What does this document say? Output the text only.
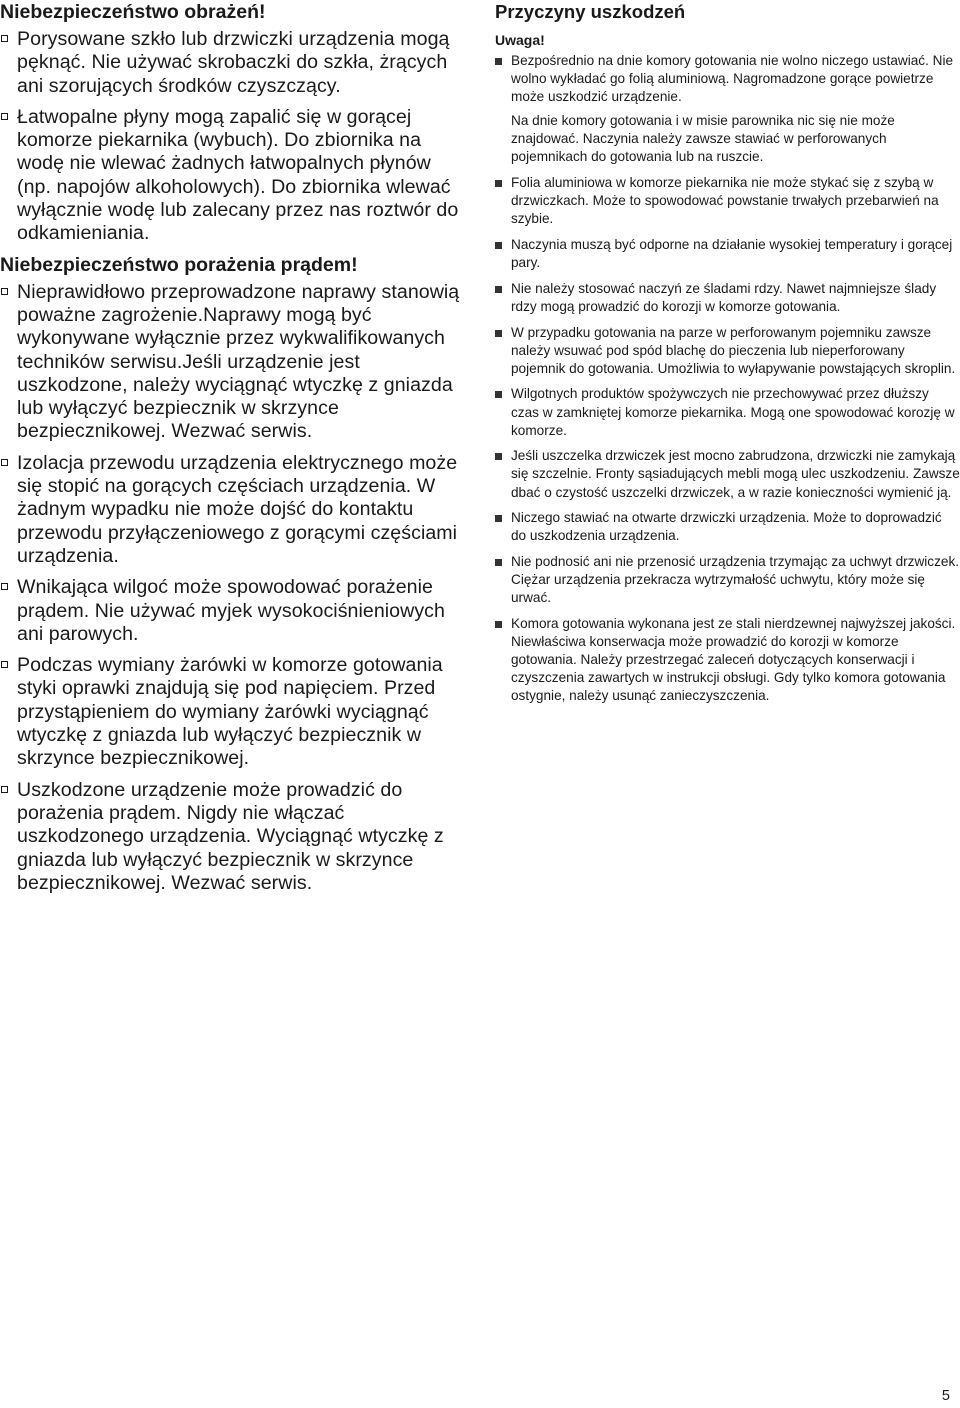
Niebezpieczeństwo obrażeń!
Porysowane szkło lub drzwiczki urządzenia mogą pęknąć. Nie używać skrobaczki do szkła, żrących ani szorujących środków czyszczący.
Łatwopalne płyny mogą zapalić się w gorącej komorze piekarnika (wybuch). Do zbiornika na wodę nie wlewać żadnych łatwopalnych płynów (np. napojów alkoholowych). Do zbiornika wlewać wyłącznie wodę lub zalecany przez nas roztwór do odkamieniania.
Niebezpieczeństwo porażenia prądem!
Nieprawidłowo przeprowadzone naprawy stanowią poważne zagrożenie.Naprawy mogą być wykonywane wyłącznie przez wykwalifikowanych techników serwisu.Jeśli urządzenie jest uszkodzone, należy wyciągnąć wtyczkę z gniazda lub wyłączyć bezpiecznik w skrzynce bezpiecznikowej. Wezwać serwis.
Izolacja przewodu urządzenia elektrycznego może się stopić na gorących częściach urządzenia. W żadnym wypadku nie może dojść do kontaktu przewodu przyłączeniowego z gorącymi częściami urządzenia.
Wnikająca wilgoć może spowodować porażenie prądem. Nie używać myjek wysokociśnieniowych ani parowych.
Podczas wymiany żarówki w komorze gotowania styki oprawki znajdują się pod napięciem. Przed przystąpieniem do wymiany żarówki wyciągnąć wtyczkę z gniazda lub wyłączyć bezpiecznik w skrzynce bezpiecznikowej.
Uszkodzone urządzenie może prowadzić do porażenia prądem. Nigdy nie włączać uszkodzonego urządzenia. Wyciągnąć wtyczkę z gniazda lub wyłączyć bezpiecznik w skrzynce bezpiecznikowej. Wezwać serwis.
Przyczyny uszkodzeń
Uwaga!

Bezpośrednio na dnie komory gotowania nie wolno niczego ustawiać. Nie wolno wykładać go folią aluminiową. Nagromadzone gorące powietrze może uszkodzić urządzenie.

Na dnie komory gotowania i w misie parownika nic się nie może znajdować. Naczynia należy zawsze stawiać w perforowanych pojemnikach do gotowania lub na ruszcie.

Folia aluminiowa w komorze piekarnika nie może stykać się z szybą w drzwiczkach. Może to spowodować powstanie trwałych przebarwień na szybie.

Naczynia muszą być odporne na działanie wysokiej temperatury i gorącej pary.

Nie należy stosować naczyń ze śladami rdzy. Nawet najmniejsze ślady rdzy mogą prowadzić do korozji w komorze gotowania.

W przypadku gotowania na parze w perforowanym pojemniku zawsze należy wsuwać pod spód blachę do pieczenia lub nieperforowany pojemnik do gotowania. Umożliwia to wyłapywanie powstających skroplin.

Wilgotnych produktów spożywczych nie przechowywać przez dłuższy czas w zamkniętej komorze piekarnika. Mogą one spowodować korozję w komorze.

Jeśli uszczelka drzwiczek jest mocno zabrudzona, drzwiczki nie zamykają się szczelnie. Fronty sąsiadujących mebli mogą ulec uszkodzeniu. Zawsze dbać o czystość uszczelki drzwiczek, a w razie konieczności wymienić ją.

Niczego stawiać na otwarte drzwiczki urządzenia. Może to doprowadzić do uszkodzenia urządzenia.

Nie podnosić ani nie przenosić urządzenia trzymając za uchwyt drzwiczek. Ciężar urządzenia przekracza wytrzymałość uchwytu, który może się urwać.

Komora gotowania wykonana jest ze stali nierdzewnej najwyższej jakości. Niewłaściwa konserwacja może prowadzić do korozji w komorze gotowania. Należy przestrzegać zaleceń dotyczących konserwacji i czyszczenia zawartych w instrukcji obsługi. Gdy tylko komora gotowania ostygnie, należy usunąć zanieczyszczenia.

5
